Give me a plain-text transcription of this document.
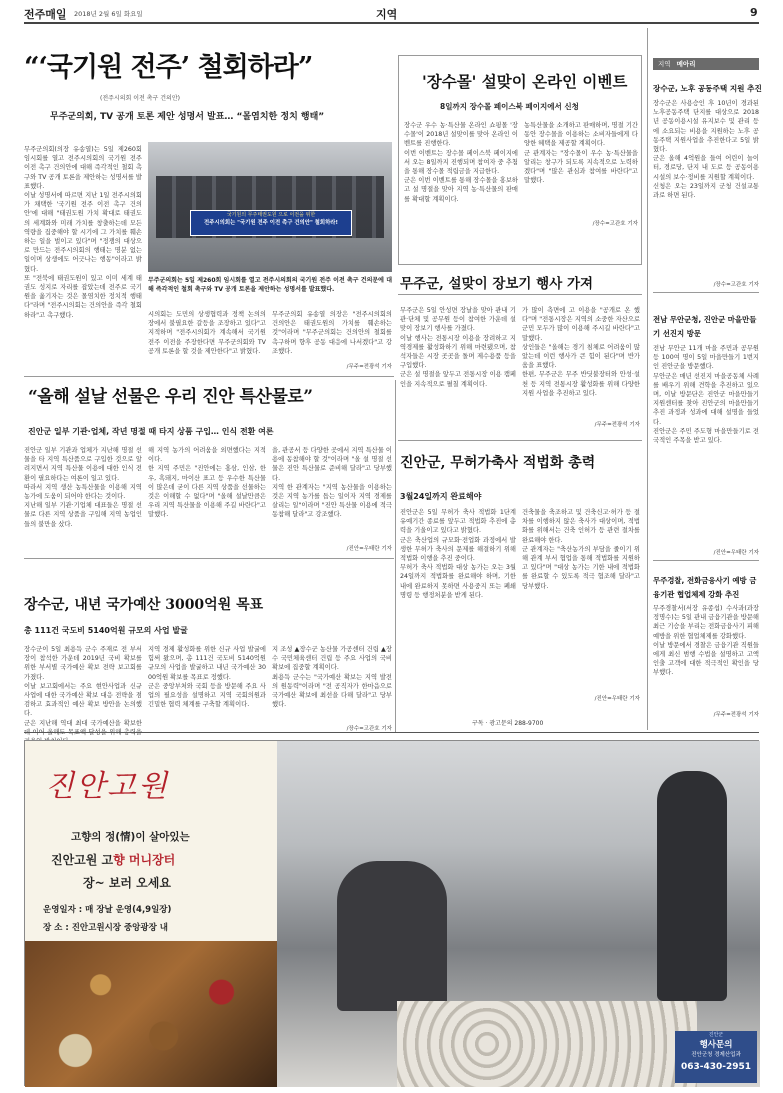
전주매일 2018년 2월 6일 화요일	지역	9
“‘국기원 전주’ 철회하라”
(전주시의회 이전 촉구 건의안)
무주군의회, TV 공개 토론 제안 성명서 발표… “몰염치한 정치 행태”
무주군의회(의장 유송열)는 5일 제260회 임시회를 열고 전주시의회의 국기원 전주 이전 촉구 건의안에 대해 즉각적인 철회 촉구와 TV 공개 토론을 제안하는 성명서를 발표했다.
이날 성명서에 따르면 지난 1일 전주시의회가 채택한 '국기원 전주 이전 촉구 건의안'에 대해 "태권도원 가치 확대로 태권도의 세계화와 미래 가치를 창출하는데 모든 역량을 집중해야 할 시기에 그 가치를 훼손하는 일을 벌이고 있다"며 "정쟁의 대상으로 만드는 전주시의회의 행태는 명분 없는 일이며 상생에도 어긋나는 행동"이라고 밝혔다.
또 "전북에 태권도원이 있고 이미 세계 태권도 성지로 자리를 잡았는데 전주로 국기원을 옮기자는 것은 몰염치한 정치적 행태다"라며 "전주시의회는 건의안을 즉각 철회하라"고 촉구했다.
국기원의 무주태권도원 으로 이전을 위한
전주시의회는 "국기원 전주 이전 촉구 건의안" 철회하라!
무주군의회는 5일 제260회 임시회를 열고 전주시의회의 국기원 전주 이전 촉구 건의문에 대해 즉각적인 철회 촉구와 TV 공개 토론을 제안하는 성명서를 발표했다.
시의회는 도민의 상생협력과 정책 논의의 장에서 불필요한 갈등을 조장하고 있다"고 지적하며 "전주시의회가 계속해서 국기원 전주 이전을 주장한다면 무주군의회와 TV 공개 토론을 할 것을 제안한다"고 밝혔다.
무주군의회 유송열 의장은 "전주시의회의 건의안은 태권도원의 가치를 훼손하는 것"이라며 "무주군의회는 건의안의 철회를 촉구하며 향후 공동 대응에 나서겠다"고 강조했다.
/무주=전광석 기자
'장수몰' 설맞이 온라인 이벤트
8일까지 장수몰 페이스북 페이지에서 신청
장수군 우수 농·특산물 온라인 쇼핑몰 '장수몰'이 2018년 설맞이를 맞아 온라인 이벤트를 진행한다.
이번 이벤트는 장수몰 페이스북 페이지에서 오는 8일까지 진행되며 참여자 중 추첨을 통해 장수몰 적립금을 지급한다.
군은 이번 이벤트를 통해 장수몰을 홍보하고 설 명절을 맞아 지역 농·특산물의 판매를 확대할 계획이다.
농특산물을 소개하고 판매하며, 명절 기간 동안 장수몰을 이용하는 소비자들에게 다양한 혜택을 제공할 계획이다.
군 관계자는 "장수몰이 우수 농·특산물을 알리는 창구가 되도록 지속적으로 노력하겠다"며 "많은 관심과 참여를 바란다"고 말했다.
/장수=고관호 기자
무주군, 설맞이 장보기 행사 가져
무주군은 5일 안성면 장날을 맞아 관내 기관·단체 및 공무원 등이 참여한 가운데 설맞이 장보기 행사를 가졌다.
이날 행사는 전통시장 이용을 장려하고 지역경제를 활성화하기 위해 마련됐으며, 참석자들은 시장 곳곳을 돌며 제수용품 등을 구입했다.
군은 설 명절을 앞두고 전통시장 이용 캠페인을 지속적으로 펼칠 계획이다.
가 많이 측면에 고 이용을 "공개로 온 했다"며 "전통시장은 지역의 소중한 자산으로 군민 모두가 많이 이용해 주시길 바란다"고 말했다.
상인들은 "올해는 경기 침체로 어려움이 많았는데 이런 행사가 큰 힘이 된다"며 반가움을 표했다.
한편, 무주군은 무주 반딧불장터와 안성·설천 등 지역 전통시장 활성화를 위해 다양한 지원 사업을 추진하고 있다.
/무주=전광석 기자
“올해 설날 선물은 우리 진안 특산물로”
진안군 일부 기관·업체, 작년 명절 때 타지 상품 구입… 인식 전환 여론
진안군 일부 기관과 업체가 지난해 명절 선물을 타 지역 특산품으로 구입한 것으로 알려지면서 지역 특산물 이용에 대한 인식 전환이 필요하다는 여론이 일고 있다.
따라서 지역 생산 농특산물을 이용해 지역 농가에 도움이 되어야 한다는 것이다.
지난해 일부 기관·기업체 대표들은 명절 선물로 다른 지역 상품을 구입해 지역 농업인들의 불만을 샀다.
해 지역 농가의 어려움을 외면했다는 지적이다.
한 지역 주민은 "진안에는 홍삼, 인삼, 한우, 흑돼지, 마이산 표고 등 우수한 특산물이 많은데 굳이 다른 지역 상품을 선물하는 것은 이해할 수 없다"며 "올해 설날만큼은 우리 지역 특산물을 이용해 주길 바란다"고 말했다.
을, 관공서 등 다양한 곳에서 지역 특산물 이용에 동참해야 할 것"이라며 "올 설 명절 선물은 진안 특산물로 준비해 달라"고 당부했다.
지역 한 관계자는 "지역 농산물을 이용하는 것은 지역 농가를 돕는 일이자 지역 경제를 살리는 일"이라며 "진안 특산물 이용에 적극 동참해 달라"고 강조했다.
/진안=우태란 기자
장수군, 내년 국가예산 3000억원 목표
총 111건 국도비 5140억원 규모의 사업 발굴
장수군이 5일 최용득 군수 주재로 전 부서장이 참석한 가운데 2019년 국비 확보를 위한 부서별 국가예산 확보 전략 보고회를 가졌다.
이날 보고회에서는 주요 현안사업과 신규 사업에 대한 국가예산 확보 대응 전략을 점검하고 효과적인 예산 확보 방안을 논의했다.
군은 지난해 역대 최대 국가예산을 확보한
지역 경제 활성화를 위한 신규 사업 발굴에 힘써 왔으며, 총 111건 국도비 5140억원 규모의 사업을 발굴하고 내년 국가예산 3000억원 확보를 목표로 정했다.
군은 중앙부처와 국회 등을 방문해 주요 사업의 필요성을 설명하고 지역 국회의원과 긴밀한 협력 체계를 구축할 계획이다.
지 조성 ▲장수군 농산물 가공센터 건립 ▲장수 국민체육센터 건립 등 주요 사업의 국비 확보에 집중할 계획이다.
최용득 군수는 "국가예산 확보는 지역 발전의 원동력"이라며 "전 공직자가 한마음으로 국가예산 확보에 최선을 다해 달라"고 당부했다.
/장수=고관호 기자
진안군, 무허가축사 적법화 총력
3월24일까지 완료해야
진안군은 5일 무허가 축사 적법화 1단계 유예기간 종료를 앞두고 적법화 추진에 총력을 기울이고 있다고 밝혔다.
군은 축산업의 규모화·전업화 과정에서 발생한 무허가 축사의 문제를 해결하기 위해 적법화 이행을 추진 중이다.
무허가 축사 적법화 대상 농가는 오는 3월 24일까지 적법화를 완료해야 하며, 기한 내에 완료하지 못하면 사용중지 또는 폐쇄 명령 등 행정처분을 받게 된다.
건축물을 축조하고 및 건축신고·허가 등 절차를 이행하지 않은 축사가 대상이며, 적법화를 위해서는 건축 인허가 등 관련 절차를 완료해야 한다.
군 관계자는 "축산농가의 부담을 줄이기 위해 관계 부서 협업을 통해 적법화를 지원하고 있다"며 "대상 농가는 기한 내에 적법화를 완료할 수 있도록 적극 협조해 달라"고 당부했다.
/진안=우태란 기자
구독 · 광고문의 288-9700
지역 메아리
장수군, 노후 공동주택 지원 추진
장수군은 사용승인 후 10년이 경과된 노후공동주택 단지를 대상으로 2018년 공동이용시설 유지보수 및 관리 등에 소요되는 비용을 지원하는 노후 공동주택 지원사업을 추진한다고 5일 밝혔다.
군은 올해 4억원을 들여 어린이 놀이터, 경로당, 단지 내 도로 등 공동이용시설의 보수·정비를 지원할 계획이다.
신청은 오는 23일까지 군청 건설교통과로 하면 된다.
/장수=고관호 기자
전남 무안군청, 진안군 마을만들기 선진지 방문
전남 무안군 11개 마을 주민과 공무원 등 100여 명이 5일 마을만들기 1번지인 진안군을 방문했다.
무안군은 매년 선진지 마을공동체 사례를 배우기 위해 견학을 추진하고 있으며, 이날 방문단은 진안군 마을만들기지원센터를 찾아 진안군의 마을만들기 추진 과정과 성과에 대해 설명을 들었다.
진안군은 주민 주도형 마을만들기로 전국적인 주목을 받고 있다.
/진안=우태란 기자
무주경찰, 전화금융사기 예방 금융기관 협업체제 강화 추진
무주경찰서(서장 유종섭) 수사과(과장 정명수)는 5일 관내 금융기관을 방문해 최근 기승을 부리는 전화금융사기 피해 예방을 위한 협업체제를 강화했다.
이날 방문에서 경찰은 금융기관 직원들에게 최신 범행 수법을 설명하고 고액 인출 고객에 대한 적극적인 확인을 당부했다.
/무주=전광석 기자
진안고원
고향의 정(情)이 살아있는
진안고원 고향 머니장터
장~ 보러 오세요
운영일자 : 매 장날 운영(4,9일장)
장 소 : 진안고원시장 중앙광장 내
진안군
행사문의
진안군청 경제산업과
063-430-2951
